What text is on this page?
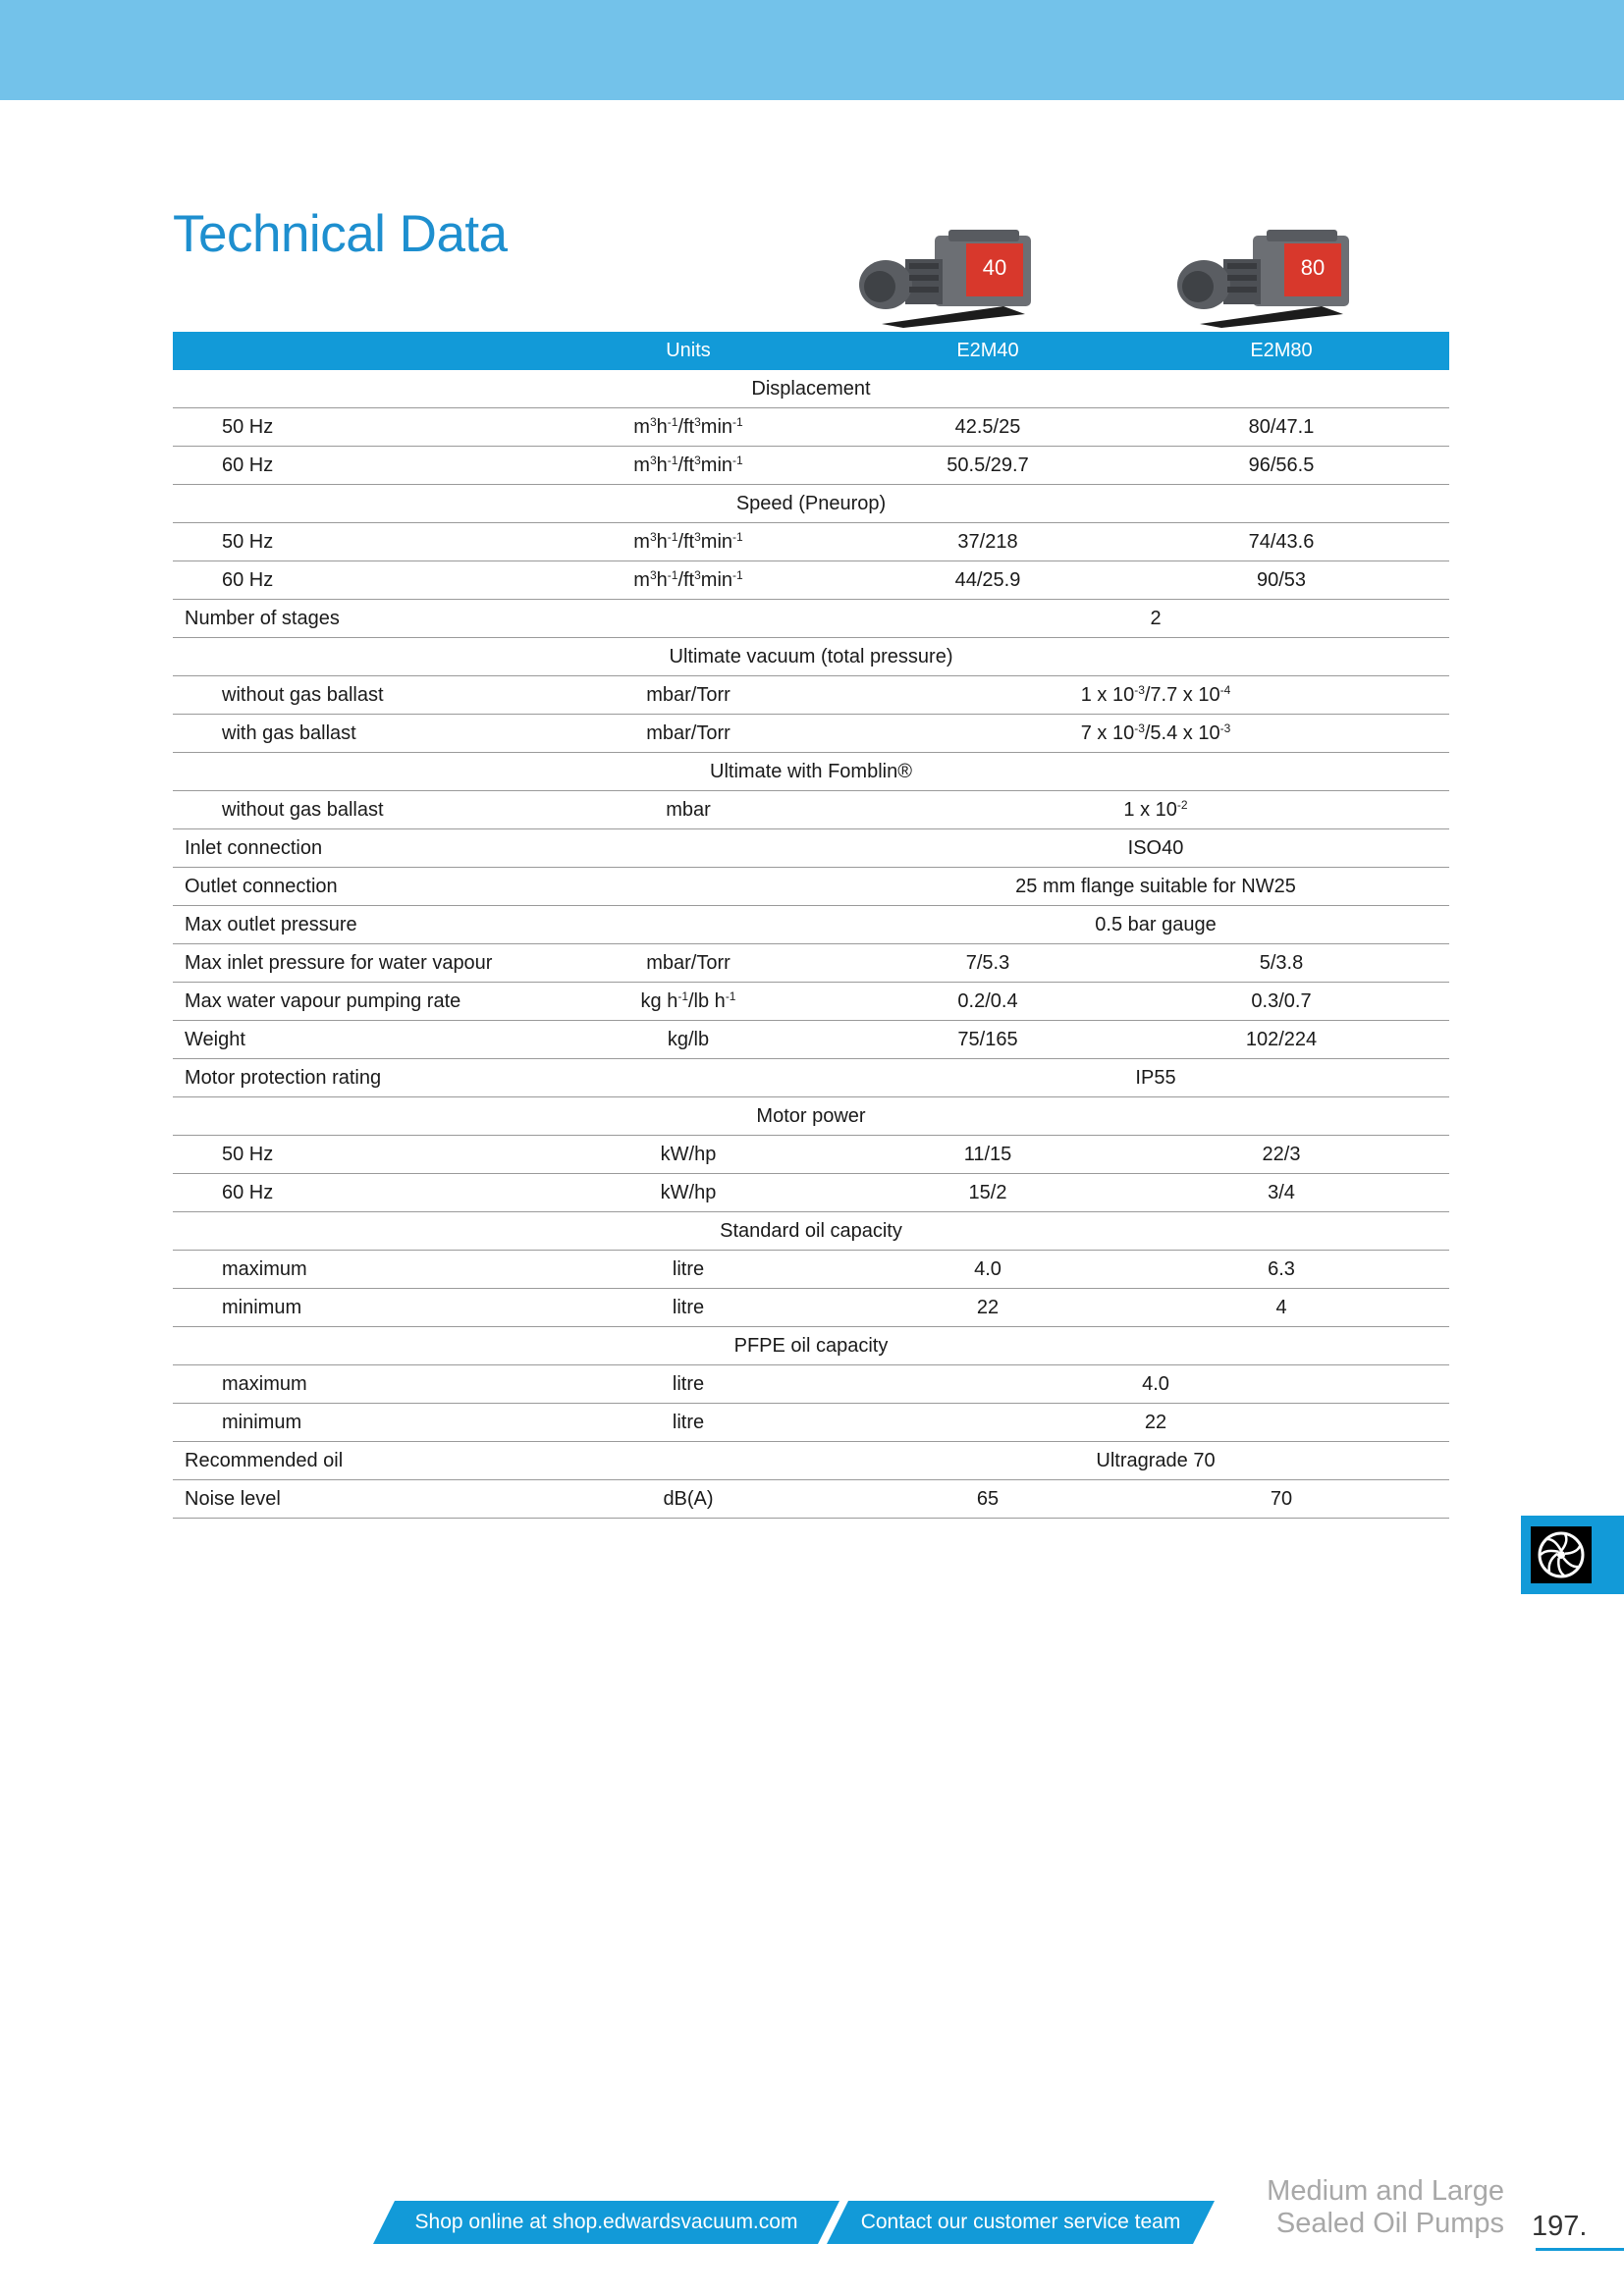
Technical Data
40	80
	Units	E2M40	E2M80
Displacement			
50 Hz	$m^3h^{-1}/ft^3\min^{-1}$	42.5/25	80/47.1
60 Hz	$m^3h^{-1}/ft^3\min^{-1}$	50.5/29.7	96/56.5
Speed (Pneurop)			
50 Hz	$m^3h^{-1}/ft^3\min^{-1}$	37/218	74/43.6
60 Hz	$m^3h^{-1}/ft^3\min^{-1}$	44/25.9	90/53
Number of stages		2	
Ultimate vacuum (total pressure)			
without gas ballast	mbar/Torr	1 x $10^{-3}/7.7$ x $10^{-4}$
with gas ballast	mbar/Torr	7 x $10^{-3}/5.4$ x $10^{-3}$
Ultimate with Fomblin®			
without gas ballast	mbar	1 x $10^{-2}$
Inlet connection		ISO40	
Outlet connection		25 mm flange suitable for NW25	
Max outlet pressure		0.5 bar gauge	
Max inlet pressure for water vapour	mbar/Torr	7/5.3	5/3.8
Max water vapour pumping rate	kg $h^{-1}/lb$ $h^{-1}$	0.2/0.4	0.3/0.7
Weight	kg/lb	75/165	102/224
Motor protection rating		IP55	
Motor power			
50 Hz	kW/hp	11/15	22/3
60 Hz	kW/hp	15/2	3/4
Standard oil capacity			
maximum	litre	4.0	6.3
minimum	litre	22	4
PFPE oil capacity			
maximum	litre	4.0	
minimum	litre	22	
Recommended oil		Ultragrade 70	
Noise level	dB(A)	65	70
Shop online at shop.edwardsvacuum.com	Contact our customer service team
Medium and Large
Sealed Oil Pumps 197.
